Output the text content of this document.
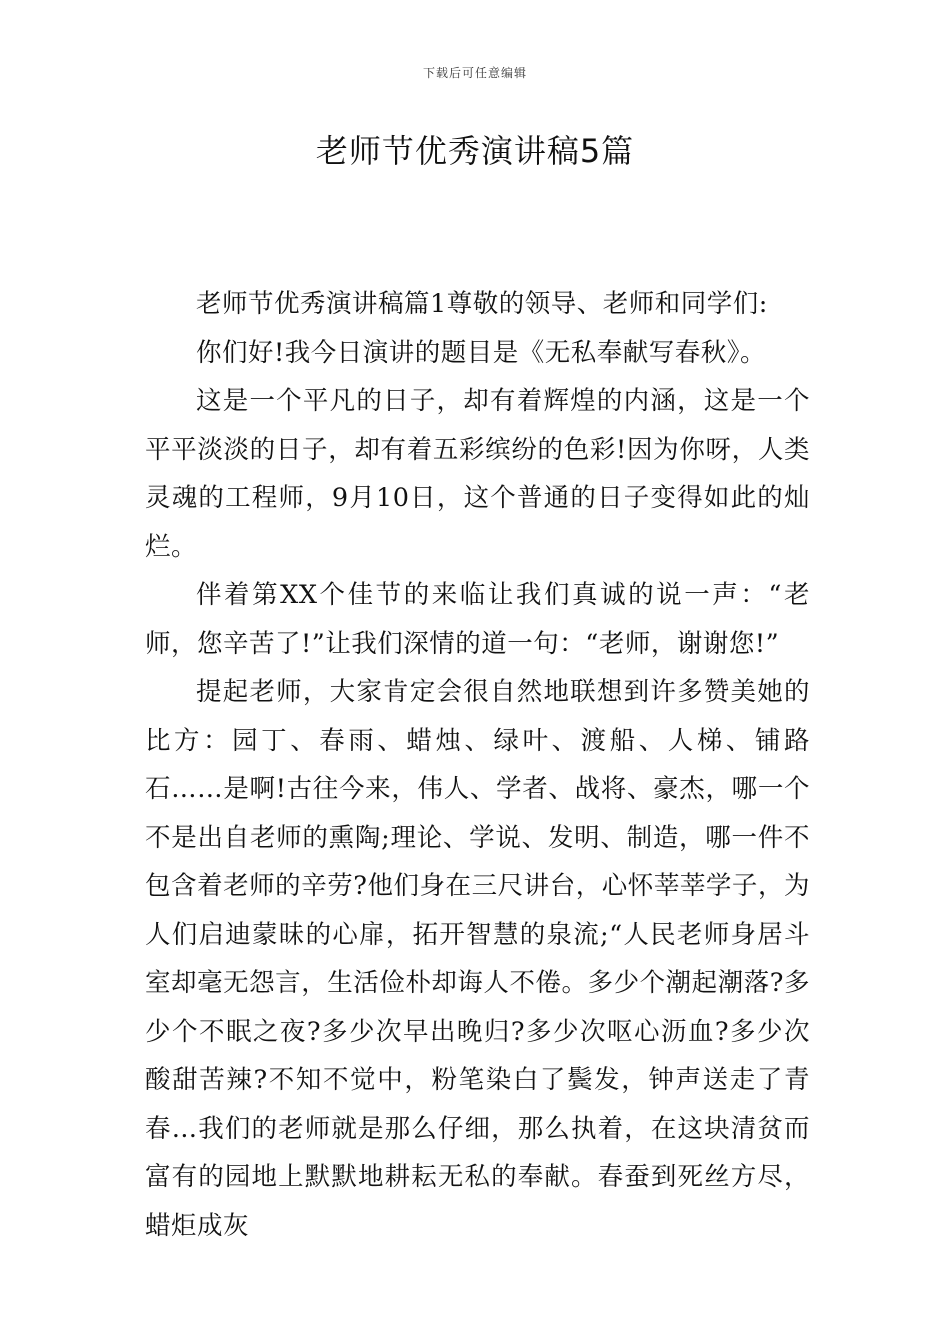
下载后可任意编辑
老师节优秀演讲稿5篇

老师节优秀演讲稿篇1尊敬的领导、老师和同学们:

你们好!我今日演讲的题目是《无私奉献写春秋》。

这是一个平凡的日子，却有着辉煌的内涵，这是一个平平淡淡的日子，却有着五彩缤纷的色彩!因为你呀，人类灵魂的工程师，9月10日，这个普通的日子变得如此的灿烂。

伴着第XX个佳节的来临让我们真诚的说一声：“老师，您辛苦了!”让我们深情的道一句：“老师，谢谢您!”

提起老师，大家肯定会很自然地联想到许多赞美她的比方：园丁、春雨、蜡烛、绿叶、渡船、人梯、铺路石……是啊!古往今来，伟人、学者、战将、豪杰，哪一个不是出自老师的熏陶;理论、学说、发明、制造，哪一件不包含着老师的辛劳?他们身在三尺讲台，心怀莘莘学子，为人们启迪蒙昧的心扉，拓开智慧的泉流;“人民老师身居斗室却毫无怨言，生活俭朴却诲人不倦。多少个潮起潮落?多少个不眠之夜?多少次早出晚归?多少次呕心沥血?多少次酸甜苦辣?不知不觉中，粉笔染白了鬓发，钟声送走了青春…我们的老师就是那么仔细，那么执着，在这块清贫而富有的园地上默默地耕耘无私的奉献。春蚕到死丝方尽，蜡炬成灰
